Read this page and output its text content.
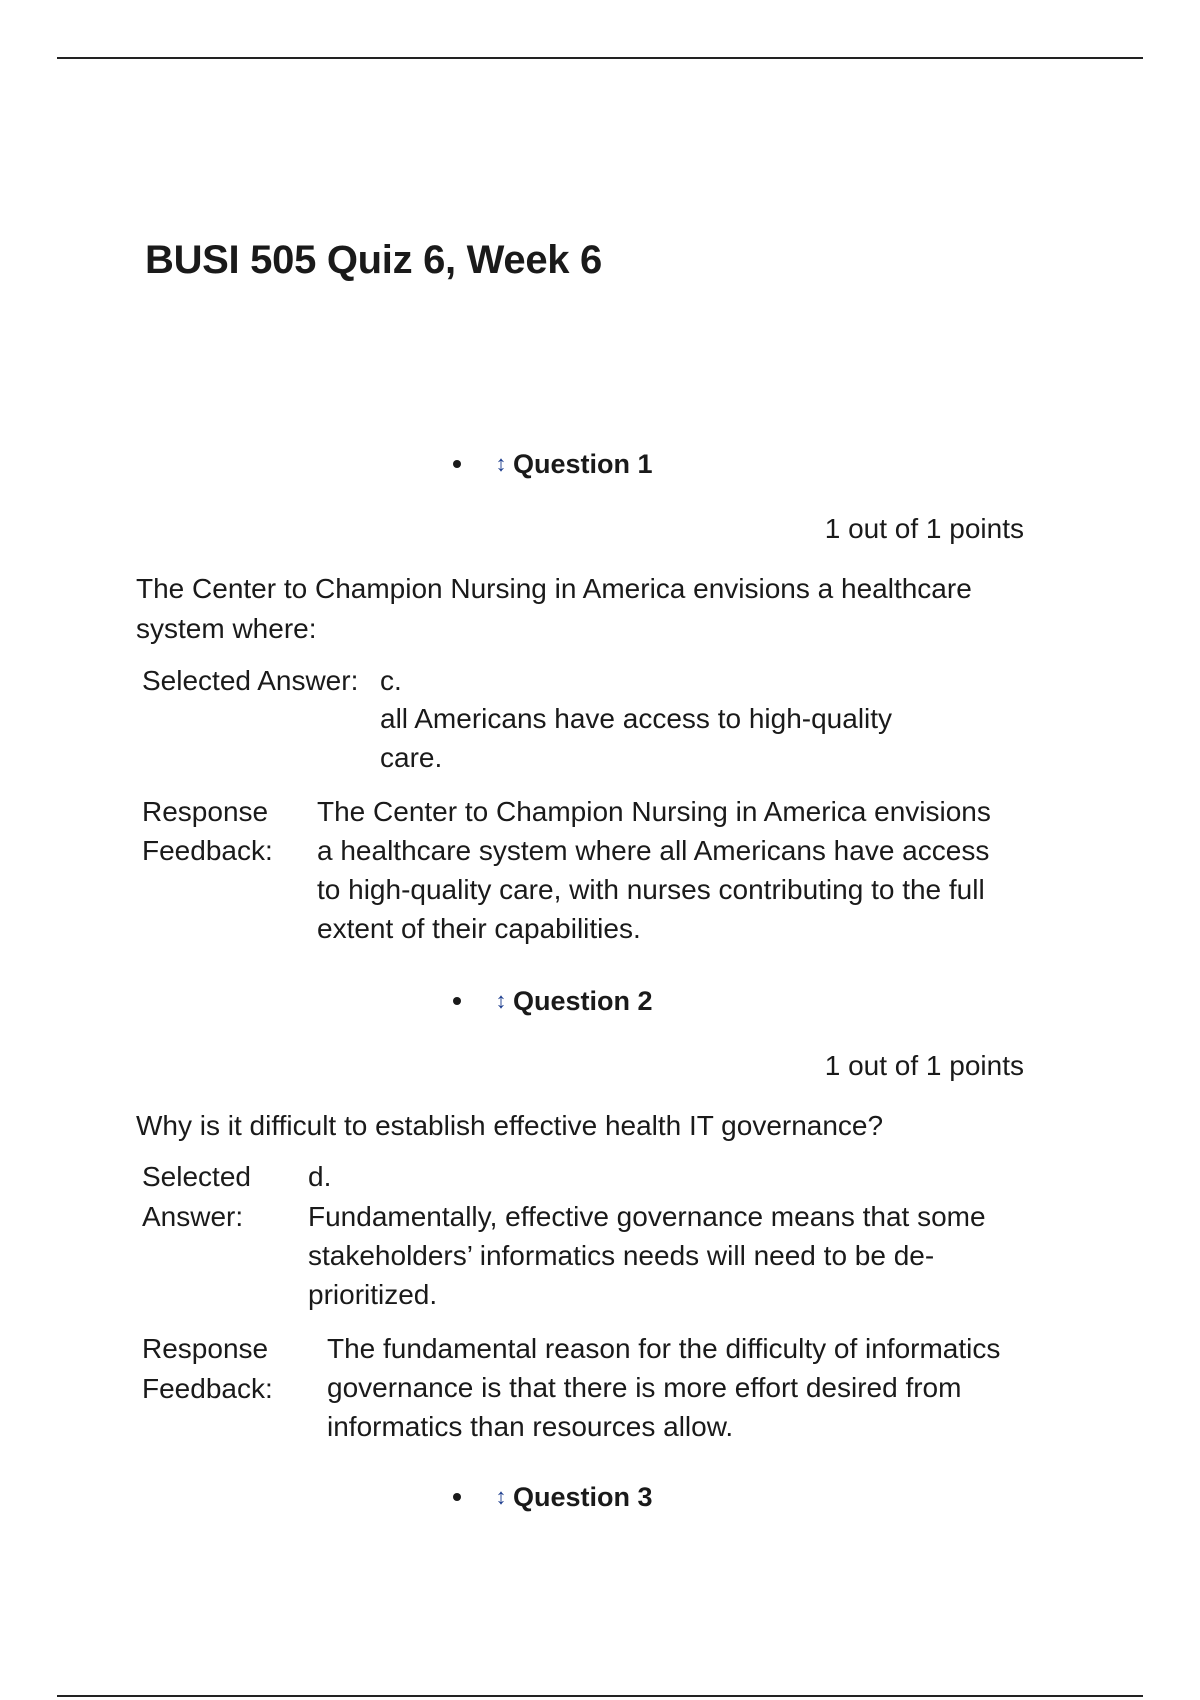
BUSI 505 Quiz 6, Week 6
↕ Question 1
1 out of 1 points

The Center to Champion Nursing in America envisions a healthcare system where:

Selected Answer: c.
all Americans have access to high-quality care.
Response
Feedback:
The Center to Champion Nursing in America envisions a healthcare system where all Americans have access to high-quality care, with nurses contributing to the full extent of their capabilities.
↕ Question 2
1 out of 1 points

Why is it difficult to establish effective health IT governance?

Selected
Answer:
d.
Fundamentally, effective governance means that some stakeholders’ informatics needs will need to be de-prioritized.
Response
Feedback:
The fundamental reason for the difficulty of informatics governance is that there is more effort desired from informatics than resources allow.
↕ Question 3
